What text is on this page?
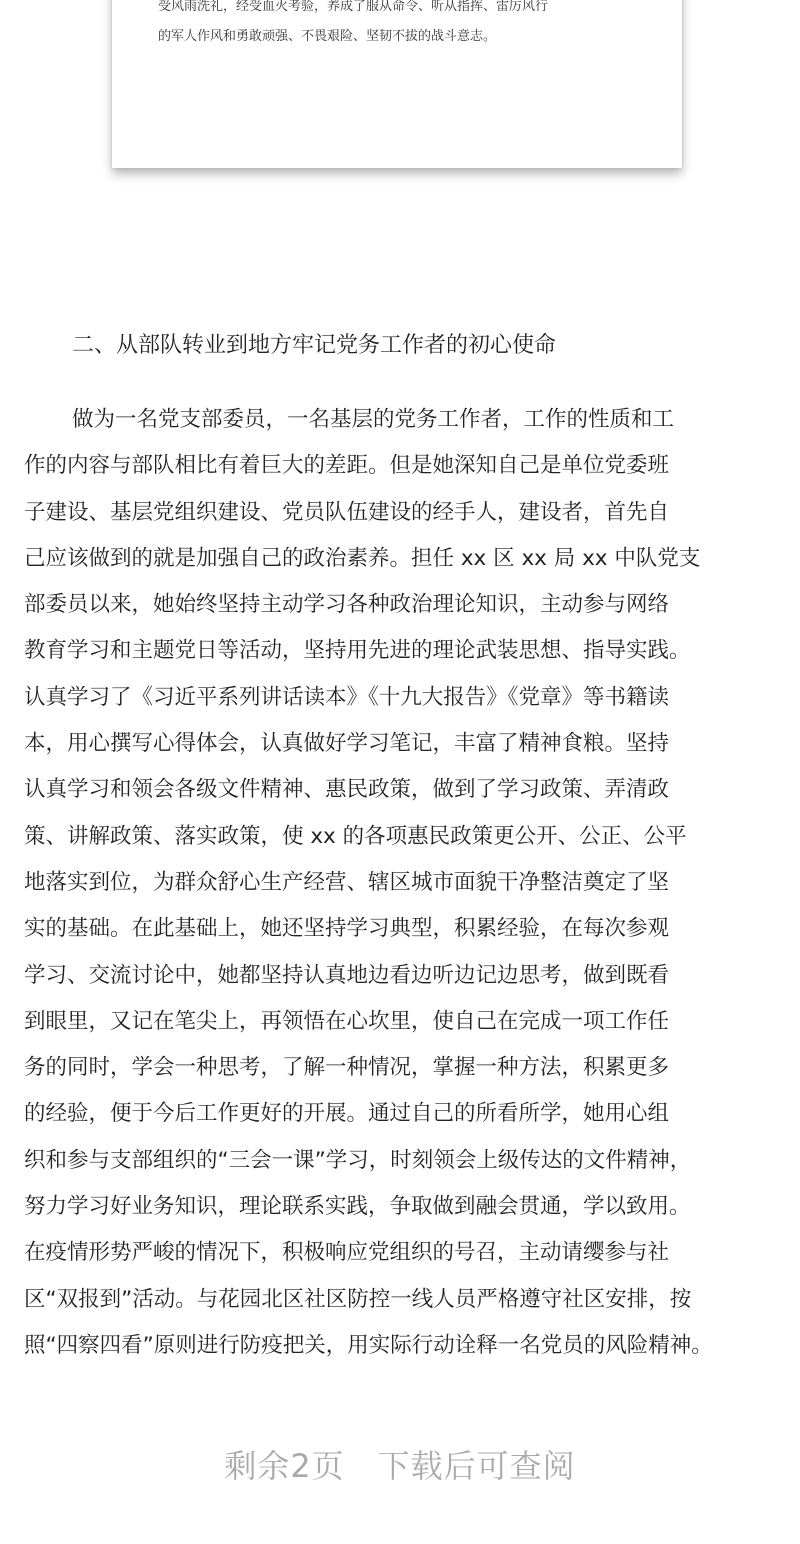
受风雨洗礼，经受血火考验，养成了服从命令、听从指挥、雷厉风行
的军人作风和勇敢顽强、不畏艰险、坚韧不拔的战斗意志。
二、从部队转业到地方牢记党务工作者的初心使命
做为一名党支部委员，一名基层的党务工作者，工作的性质和工
作的内容与部队相比有着巨大的差距。但是她深知自己是单位党委班
子建设、基层党组织建设、党员队伍建设的经手人，建设者，首先自
己应该做到的就是加强自己的政治素养。担任 xx 区 xx 局 xx 中队党支
部委员以来，她始终坚持主动学习各种政治理论知识，主动参与网络
教育学习和主题党日等活动，坚持用先进的理论武装思想、指导实践。
认真学习了《习近平系列讲话读本》《十九大报告》《党章》等书籍读
本，用心撰写心得体会，认真做好学习笔记，丰富了精神食粮。坚持
认真学习和领会各级文件精神、惠民政策，做到了学习政策、弄清政
策、讲解政策、落实政策，使 xx 的各项惠民政策更公开、公正、公平
地落实到位，为群众舒心生产经营、辖区城市面貌干净整洁奠定了坚
实的基础。在此基础上，她还坚持学习典型，积累经验，在每次参观
学习、交流讨论中，她都坚持认真地边看边听边记边思考，做到既看
到眼里，又记在笔尖上，再领悟在心坎里，使自己在完成一项工作任
务的同时，学会一种思考，了解一种情况，掌握一种方法，积累更多
的经验，便于今后工作更好的开展。通过自己的所看所学，她用心组
织和参与支部组织的“三会一课”学习，时刻领会上级传达的文件精神，
努力学习好业务知识，理论联系实践，争取做到融会贯通，学以致用。
在疫情形势严峻的情况下，积极响应党组织的号召，主动请缨参与社
区“双报到”活动。与花园北区社区防控一线人员严格遵守社区安排，按
照“四察四看”原则进行防疫把关，用实际行动诠释一名党员的风险精神。
剩余2页　下载后可查阅
